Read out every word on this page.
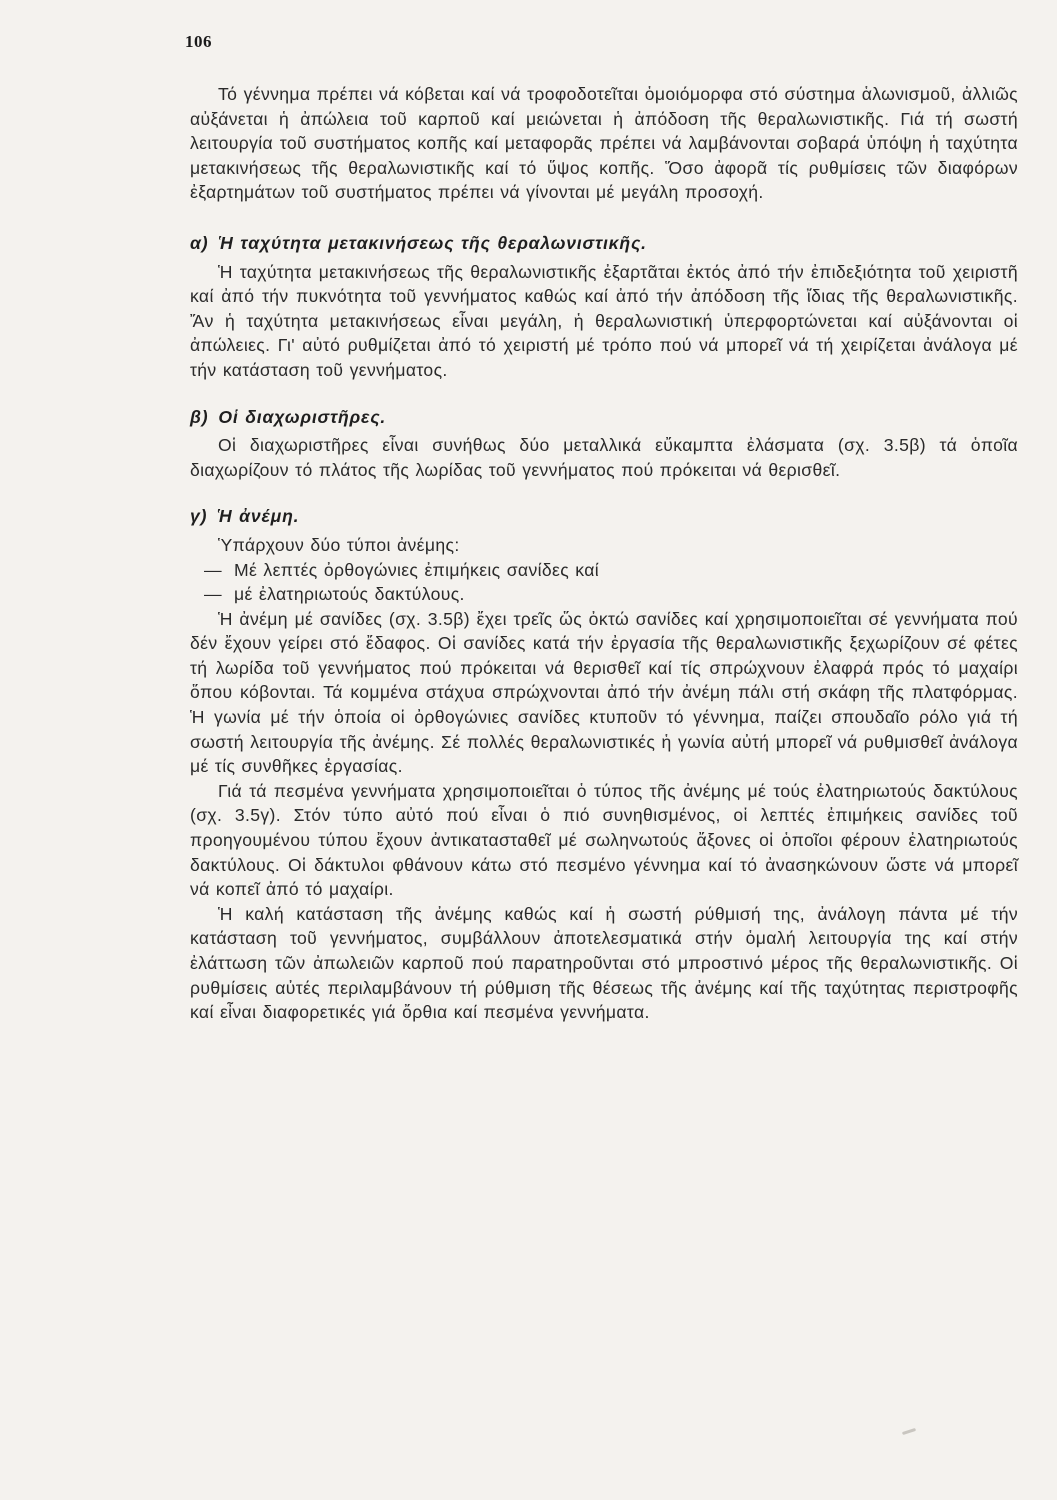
106

Τό γέννημα πρέπει νά κόβεται καί νά τροφοδοτεῖται ὁμοιόμορφα στό σύστημα ἁλωνισμοῦ, ἀλλιῶς αὐξάνεται ἡ ἀπώλεια τοῦ καρποῦ καί μειώνεται ἡ ἀπόδοση τῆς θεραλωνιστικῆς. Γιά τή σωστή λειτουργία τοῦ συστήματος κοπῆς καί μεταφορᾶς πρέπει νά λαμβάνονται σοβαρά ὑπόψη ἡ ταχύτητα μετακινήσεως τῆς θεραλωνιστικῆς καί τό ὕψος κοπῆς. Ὅσο ἀφορᾶ τίς ρυθμίσεις τῶν διαφόρων ἐξαρτημάτων τοῦ συστήματος πρέπει νά γίνονται μέ μεγάλη προσοχή.

α) Ἡ ταχύτητα μετακινήσεως τῆς θεραλωνιστικῆς.

Ἡ ταχύτητα μετακινήσεως τῆς θεραλωνιστικῆς ἐξαρτᾶται ἐκτός ἀπό τήν ἐπιδεξιότητα τοῦ χειριστῆ καί ἀπό τήν πυκνότητα τοῦ γεννήματος καθώς καί ἀπό τήν ἀπόδοση τῆς ἴδιας τῆς θεραλωνιστικῆς. Ἄν ἡ ταχύτητα μετακινήσεως εἶναι μεγάλη, ἡ θεραλωνιστική ὑπερφορτώνεται καί αὐξάνονται οἱ ἀπώλειες. Γι' αὐτό ρυθμίζεται ἀπό τό χειριστή μέ τρόπο πού νά μπορεῖ νά τή χειρίζεται ἀνάλογα μέ τήν κατάσταση τοῦ γεννήματος.

β) Οἱ διαχωριστῆρες.

Οἱ διαχωριστῆρες εἶναι συνήθως δύο μεταλλικά εὔκαμπτα ἐλάσματα (σχ. 3.5β) τά ὁποῖα διαχωρίζουν τό πλάτος τῆς λωρίδας τοῦ γεννήματος πού πρόκειται νά θερισθεῖ.

γ) Ἡ ἀνέμη.

Ὑπάρχουν δύο τύποι ἀνέμης:

— Μέ λεπτές ὀρθογώνιες ἐπιμήκεις σανίδες καί
— μέ ἐλατηριωτούς δακτύλους.

Ἡ ἀνέμη μέ σανίδες (σχ. 3.5β) ἔχει τρεῖς ὥς ὀκτώ σανίδες καί χρησιμοποιεῖται σέ γεννήματα πού δέν ἔχουν γείρει στό ἔδαφος. Οἱ σανίδες κατά τήν ἐργασία τῆς θεραλωνιστικῆς ξεχωρίζουν σέ φέτες τή λωρίδα τοῦ γεννήματος πού πρόκειται νά θερισθεῖ καί τίς σπρώχνουν ἐλαφρά πρός τό μαχαίρι ὅπου κόβονται. Τά κομμένα στάχυα σπρώχνονται ἀπό τήν ἀνέμη πάλι στή σκάφη τῆς πλατφόρμας. Ἡ γωνία μέ τήν ὁποία οἱ ὀρθογώνιες σανίδες κτυποῦν τό γέννημα, παίζει σπουδαῖο ρόλο γιά τή σωστή λειτουργία τῆς ἀνέμης. Σέ πολλές θεραλωνιστικές ἡ γωνία αὐτή μπορεῖ νά ρυθμισθεῖ ἀνάλογα μέ τίς συνθῆκες ἐργασίας.

Γιά τά πεσμένα γεννήματα χρησιμοποιεῖται ὁ τύπος τῆς ἀνέμης μέ τούς ἐλατηριωτούς δακτύλους (σχ. 3.5γ). Στόν τύπο αὐτό πού εἶναι ὁ πιό συνηθισμένος, οἱ λεπτές ἐπιμήκεις σανίδες τοῦ προηγουμένου τύπου ἔχουν ἀντικατασταθεῖ μέ σωληνωτούς ἄξονες οἱ ὁποῖοι φέρουν ἐλατηριωτούς δακτύλους. Οἱ δάκτυλοι φθάνουν κάτω στό πεσμένο γέννημα καί τό ἀνασηκώνουν ὥστε νά μπορεῖ νά κοπεῖ ἀπό τό μαχαίρι.

Ἡ καλή κατάσταση τῆς ἀνέμης καθώς καί ἡ σωστή ρύθμισή της, ἀνάλογη πάντα μέ τήν κατάσταση τοῦ γεννήματος, συμβάλλουν ἀποτελεσματικά στήν ὁμαλή λειτουργία της καί στήν ἐλάττωση τῶν ἀπωλειῶν καρποῦ πού παρατηροῦνται στό μπροστινό μέρος τῆς θεραλωνιστικῆς. Οἱ ρυθμίσεις αὐτές περιλαμβάνουν τή ρύθμιση τῆς θέσεως τῆς ἀνέμης καί τῆς ταχύτητας περιστροφῆς καί εἶναι διαφορετικές γιά ὄρθια καί πεσμένα γεννήματα.
